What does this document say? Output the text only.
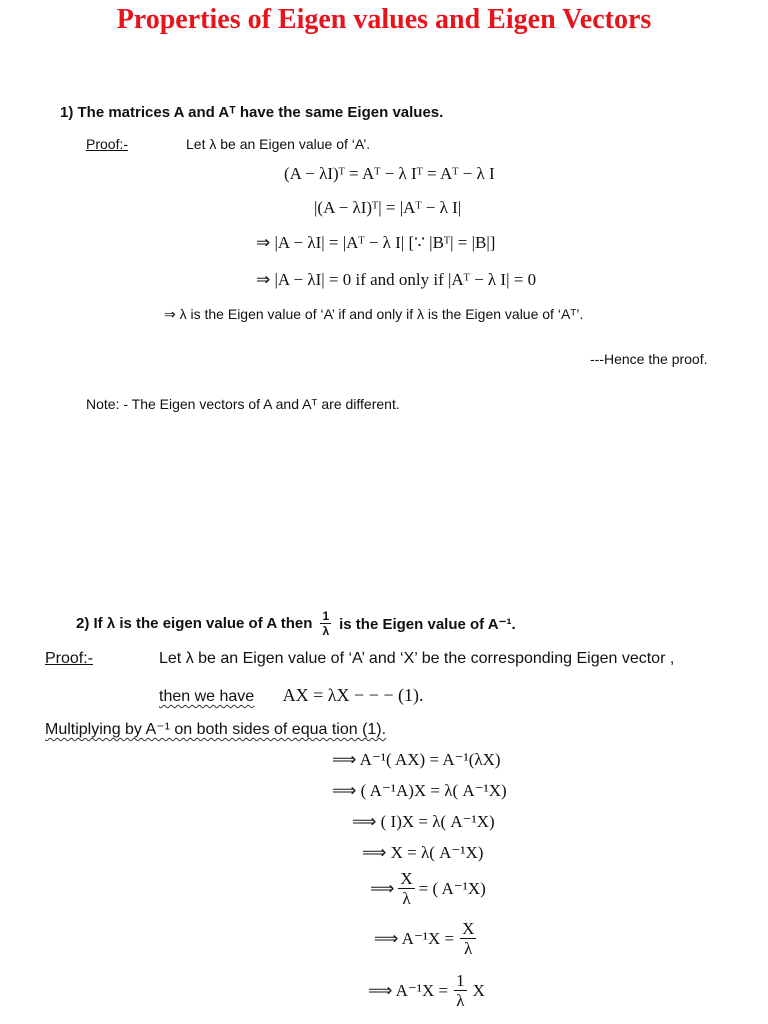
Properties of Eigen values and Eigen Vectors
1) The matrices A and Aᵀ have the same Eigen values.
Proof:-	Let λ be an Eigen value of ‘A’.
(A − λI)ᵀ = Aᵀ − λ Iᵀ = Aᵀ − λ I
|(A − λI)ᵀ| = |Aᵀ − λ I|
⇒ |A − λI| = |Aᵀ − λ I| [∵ |Bᵀ| = |B|]
⇒ |A − λI| = 0 if and only if |Aᵀ − λ I| = 0
⇒ λ is the Eigen value of ‘A’ if and only if λ is the Eigen value of ‘Aᵀ’.
---Hence the proof.
Note: - The Eigen vectors of A and Aᵀ are different.
2) If λ is the eigen value of A then $\frac{1}{\lambda}$ is the Eigen value of A⁻¹.
Proof:-	Let λ be an Eigen value of ‘A’ and ‘X’ be the corresponding Eigen vector ,
then we have AX = λX − − − (1).
Multiplying by A⁻¹ on both sides of equa tion (1).
⟹ A⁻¹( AX) = A⁻¹(λX)
⟹ ( A⁻¹A)X = λ( A⁻¹X)
⟹ ( I)X = λ( A⁻¹X)
⟹ X = λ( A⁻¹X)
⟹ $\frac{X}{\lambda}$ = ( A⁻¹X)
⟹ $A^{-1}X = \frac{X}{\lambda}$
⟹ $A^{-1}X = \frac{1}{\lambda}$ X
